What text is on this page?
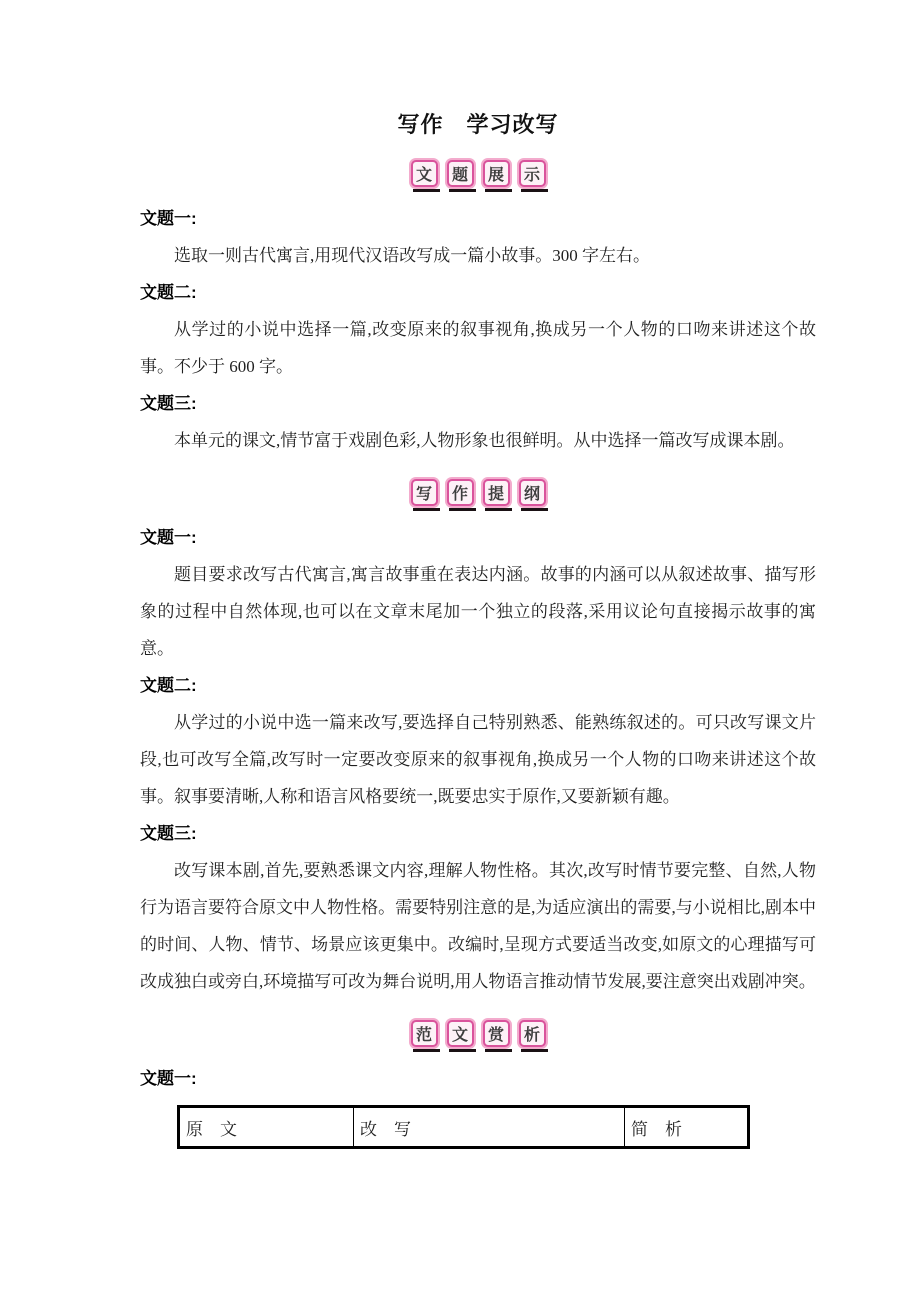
写作　学习改写
文	题	展	示

文题一:

选取一则古代寓言,用现代汉语改写成一篇小故事。300 字左右。

文题二:

从学过的小说中选择一篇,改变原来的叙事视角,换成另一个人物的口吻来讲述这个故事。不少于 600 字。

文题三:

本单元的课文,情节富于戏剧色彩,人物形象也很鲜明。从中选择一篇改写成课本剧。

写	作	提	纲

文题一:

题目要求改写古代寓言,寓言故事重在表达内涵。故事的内涵可以从叙述故事、描写形象的过程中自然体现,也可以在文章末尾加一个独立的段落,采用议论句直接揭示故事的寓意。

文题二:

从学过的小说中选一篇来改写,要选择自己特别熟悉、能熟练叙述的。可只改写课文片段,也可改写全篇,改写时一定要改变原来的叙事视角,换成另一个人物的口吻来讲述这个故事。叙事要清晰,人称和语言风格要统一,既要忠实于原作,又要新颖有趣。

文题三:

改写课本剧,首先,要熟悉课文内容,理解人物性格。其次,改写时情节要完整、自然,人物行为语言要符合原文中人物性格。需要特别注意的是,为适应演出的需要,与小说相比,剧本中的时间、人物、情节、场景应该更集中。改编时,呈现方式要适当改变,如原文的心理描写可改成独白或旁白,环境描写可改为舞台说明,用人物语言推动情节发展,要注意突出戏剧冲突。

范	文	赏	析

文题一:

原　文	改　写	简　析
